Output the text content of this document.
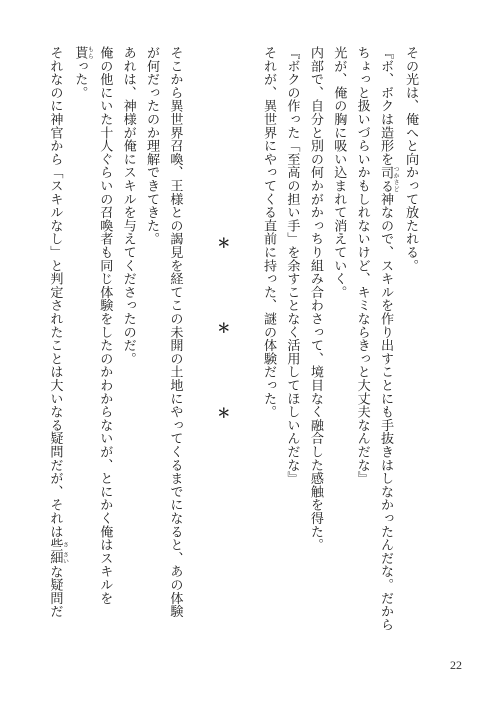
その光は、俺へと向かって放たれる。
『ボ、ボクは造形を司る つかさど神なので、スキルを作り出すことにも手抜きはしなかったんだな。だから
ちょっと扱いづらいかもしれないけど、キミならきっと大丈夫なんだな』
光が、俺の胸に吸い込まれて消えていく。
内部で、自分と別の何かがかっちり組み合わさって、境目なく融合した感触を得た。
『ボクの作った「至高の担い手」を余すことなく活用してほしいんだな』
それが、異世界にやってくる直前に持った、謎の体験だった。
＊＊＊
そこから異世界召喚、王様との謁見を経てこの未開の土地にやってくるまでになると、あの体験
が何だったのか理解できてきた。
あれは、神様が俺にスキルを与えてくださったのだ。
俺の他にいた十人ぐらいの召喚者も同じ体験をしたのかわからないが、とにかく俺はスキルを
貰 もらった。
それなのに神官から「スキルなし」と判定されたことは大いなる疑問だが、それは些 さ細 さいな疑問だ
22
